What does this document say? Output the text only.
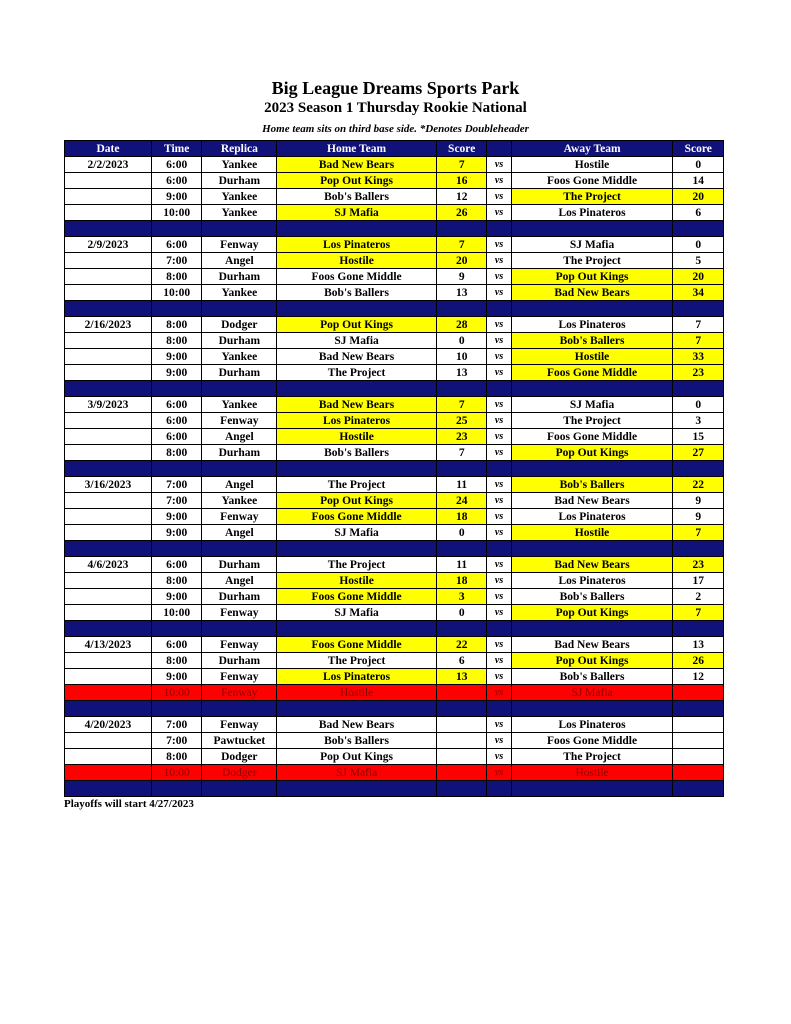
Big League Dreams Sports Park
2023 Season 1 Thursday Rookie National
Home team sits on third base side. *Denotes Doubleheader
Date	Time	Replica	Home Team	Score		Away Team	Score
2/2/2023	6:00	Yankee	Bad New Bears	7	vs	Hostile	0
	6:00	Durham	Pop Out Kings	16	vs	Foos Gone Middle	14
	9:00	Yankee	Bob's Ballers	12	vs	The Project	20
	10:00	Yankee	SJ Mafia	26	vs	Los Pinateros	6

2/9/2023	6:00	Fenway	Los Pinateros	7	vs	SJ Mafia	0
	7:00	Angel	Hostile	20	vs	The Project	5
	8:00	Durham	Foos Gone Middle	9	vs	Pop Out Kings	20
	10:00	Yankee	Bob's Ballers	13	vs	Bad New Bears	34

2/16/2023	8:00	Dodger	Pop Out Kings	28	vs	Los Pinateros	7
	8:00	Durham	SJ Mafia	0	vs	Bob's Ballers	7
	9:00	Yankee	Bad New Bears	10	vs	Hostile	33
	9:00	Durham	The Project	13	vs	Foos Gone Middle	23

3/9/2023	6:00	Yankee	Bad New Bears	7	vs	SJ Mafia	0
	6:00	Fenway	Los Pinateros	25	vs	The Project	3
	6:00	Angel	Hostile	23	vs	Foos Gone Middle	15
	8:00	Durham	Bob's Ballers	7	vs	Pop Out Kings	27

3/16/2023	7:00	Angel	The Project	11	vs	Bob's Ballers	22
	7:00	Yankee	Pop Out Kings	24	vs	Bad New Bears	9
	9:00	Fenway	Foos Gone Middle	18	vs	Los Pinateros	9
	9:00	Angel	SJ Mafia	0	vs	Hostile	7

4/6/2023	6:00	Durham	The Project	11	vs	Bad New Bears	23
	8:00	Angel	Hostile	18	vs	Los Pinateros	17
	9:00	Durham	Foos Gone Middle	3	vs	Bob's Ballers	2
	10:00	Fenway	SJ Mafia	0	vs	Pop Out Kings	7

4/13/2023	6:00	Fenway	Foos Gone Middle	22	vs	Bad New Bears	13
	8:00	Durham	The Project	6	vs	Pop Out Kings	26
	9:00	Fenway	Los Pinateros	13	vs	Bob's Ballers	12
	10:00	Fenway	Hostile		vs	SJ Mafia	

4/20/2023	7:00	Fenway	Bad New Bears		vs	Los Pinateros	
	7:00	Pawtucket	Bob's Ballers		vs	Foos Gone Middle	
	8:00	Dodger	Pop Out Kings		vs	The Project	
	10:00	Dodger	SJ Mafia		vs	Hostile	

Playoffs will start 4/27/2023
